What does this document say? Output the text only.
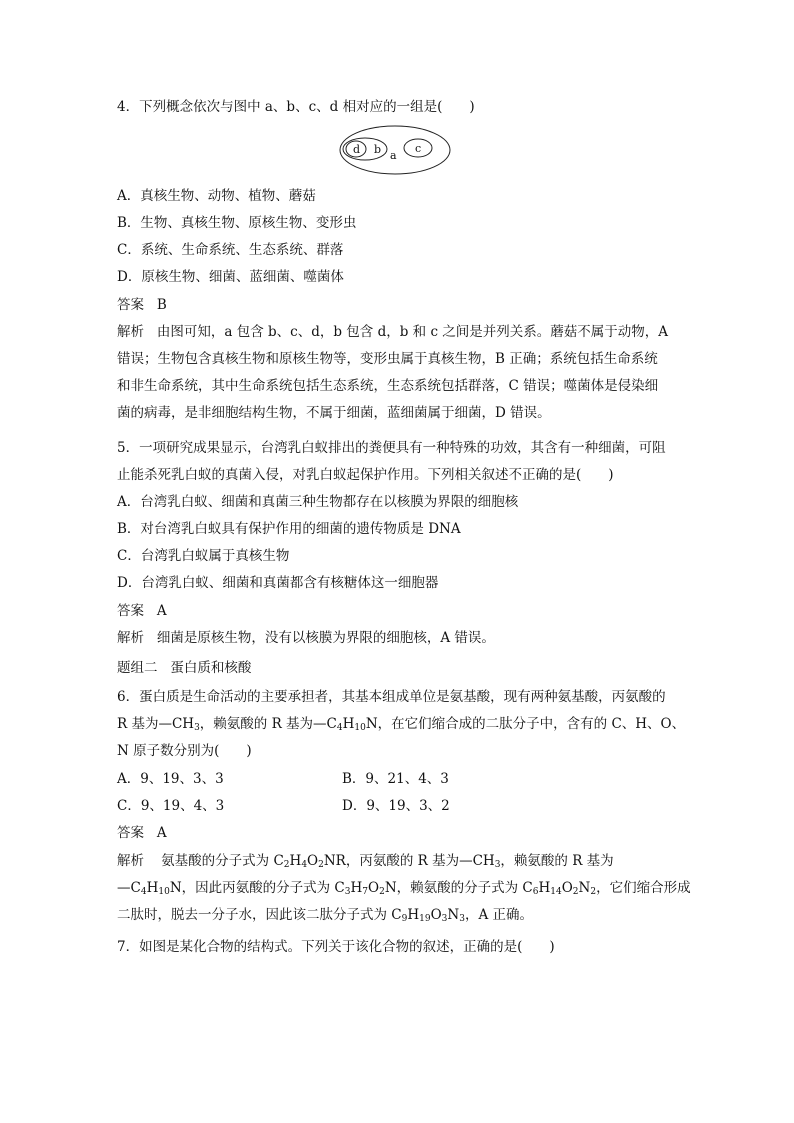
4．下列概念依次与图中 a、b、c、d 相对应的一组是(　　)
d b a
c
A．真核生物、动物、植物、蘑菇
B．生物、真核生物、原核生物、变形虫
C．系统、生命系统、生态系统、群落
D．原核生物、细菌、蓝细菌、噬菌体
答案 B
解析 由图可知，a 包含 b、c、d，b 包含 d，b 和 c 之间是并列关系。蘑菇不属于动物，A
错误；生物包含真核生物和原核生物等，变形虫属于真核生物，B 正确；系统包括生命系统
和非生命系统，其中生命系统包括生态系统，生态系统包括群落，C 错误；噬菌体是侵染细
菌的病毒，是非细胞结构生物，不属于细菌，蓝细菌属于细菌，D 错误。
5．一项研究成果显示，台湾乳白蚁排出的粪便具有一种特殊的功效，其含有一种细菌，可阻
止能杀死乳白蚁的真菌入侵，对乳白蚁起保护作用。下列相关叙述不正确的是(　　)
A．台湾乳白蚁、细菌和真菌三种生物都存在以核膜为界限的细胞核
B．对台湾乳白蚁具有保护作用的细菌的遗传物质是 DNA
C．台湾乳白蚁属于真核生物
D．台湾乳白蚁、细菌和真菌都含有核糖体这一细胞器
答案 A
解析 细菌是原核生物，没有以核膜为界限的细胞核，A 错误。
题组二 蛋白质和核酸
6．蛋白质是生命活动的主要承担者，其基本组成单位是氨基酸，现有两种氨基酸，丙氨酸的
R 基为$—CH_3$，赖氨酸的 R 基为$—C_4H_{10}N$，在它们缩合成的二肽分子中，含有的 C、H、O、
N 原子数分别为(　　)
A．9、19、3、3	B．9、21、4、3
C．9、19、4、3	D．9、19、3、2
答案 A
解析 氨基酸的分子式为 $C_2H_4O_2NR$，丙氨酸的 R 基为$—CH_3$，赖氨酸的 R 基为
$—C_4H_{10}N$，因此丙氨酸的分子式为 $C_3H_7O_2N$，赖氨酸的分子式为 $C_6H_{14}O_2N_2$，它们缩合形成
二肽时，脱去一分子水，因此该二肽分子式为 $C_9H_{19}O_3N_3$，A 正确。
7．如图是某化合物的结构式。下列关于该化合物的叙述，正确的是(　　)
